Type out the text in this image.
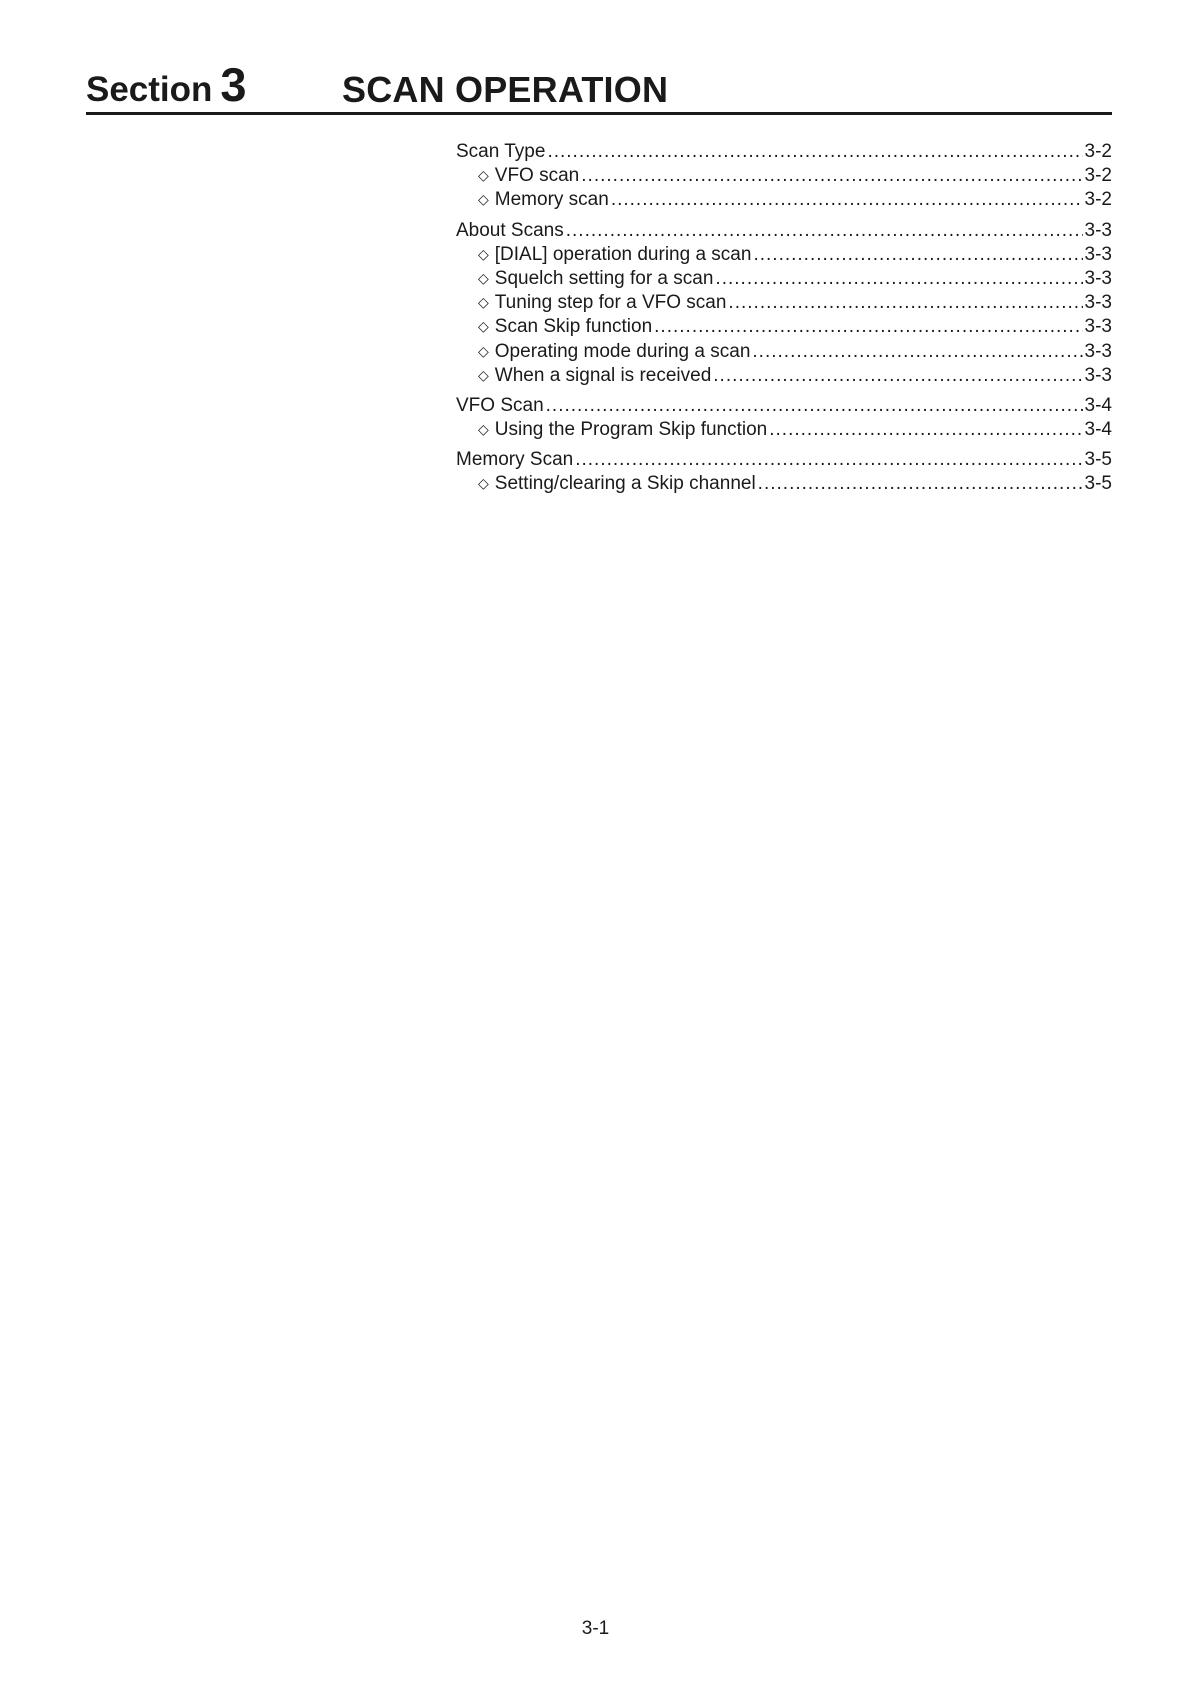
Section 3	SCAN OPERATION
Scan Type .....	3-2
◇ VFO scan .....	3-2
◇ Memory scan .....	3-2
About Scans .....	3-3
◇ [DIAL] operation during a scan .....	3-3
◇ Squelch setting for a scan .....	3-3
◇ Tuning step for a VFO scan .....	3-3
◇ Scan Skip function .....	3-3
◇ Operating mode during a scan .....	3-3
◇ When a signal is received .....	3-3
VFO Scan .....	3-4
◇ Using the Program Skip function .....	3-4
Memory Scan .....	3-5
◇ Setting/clearing a Skip channel .....	3-5
3-1
